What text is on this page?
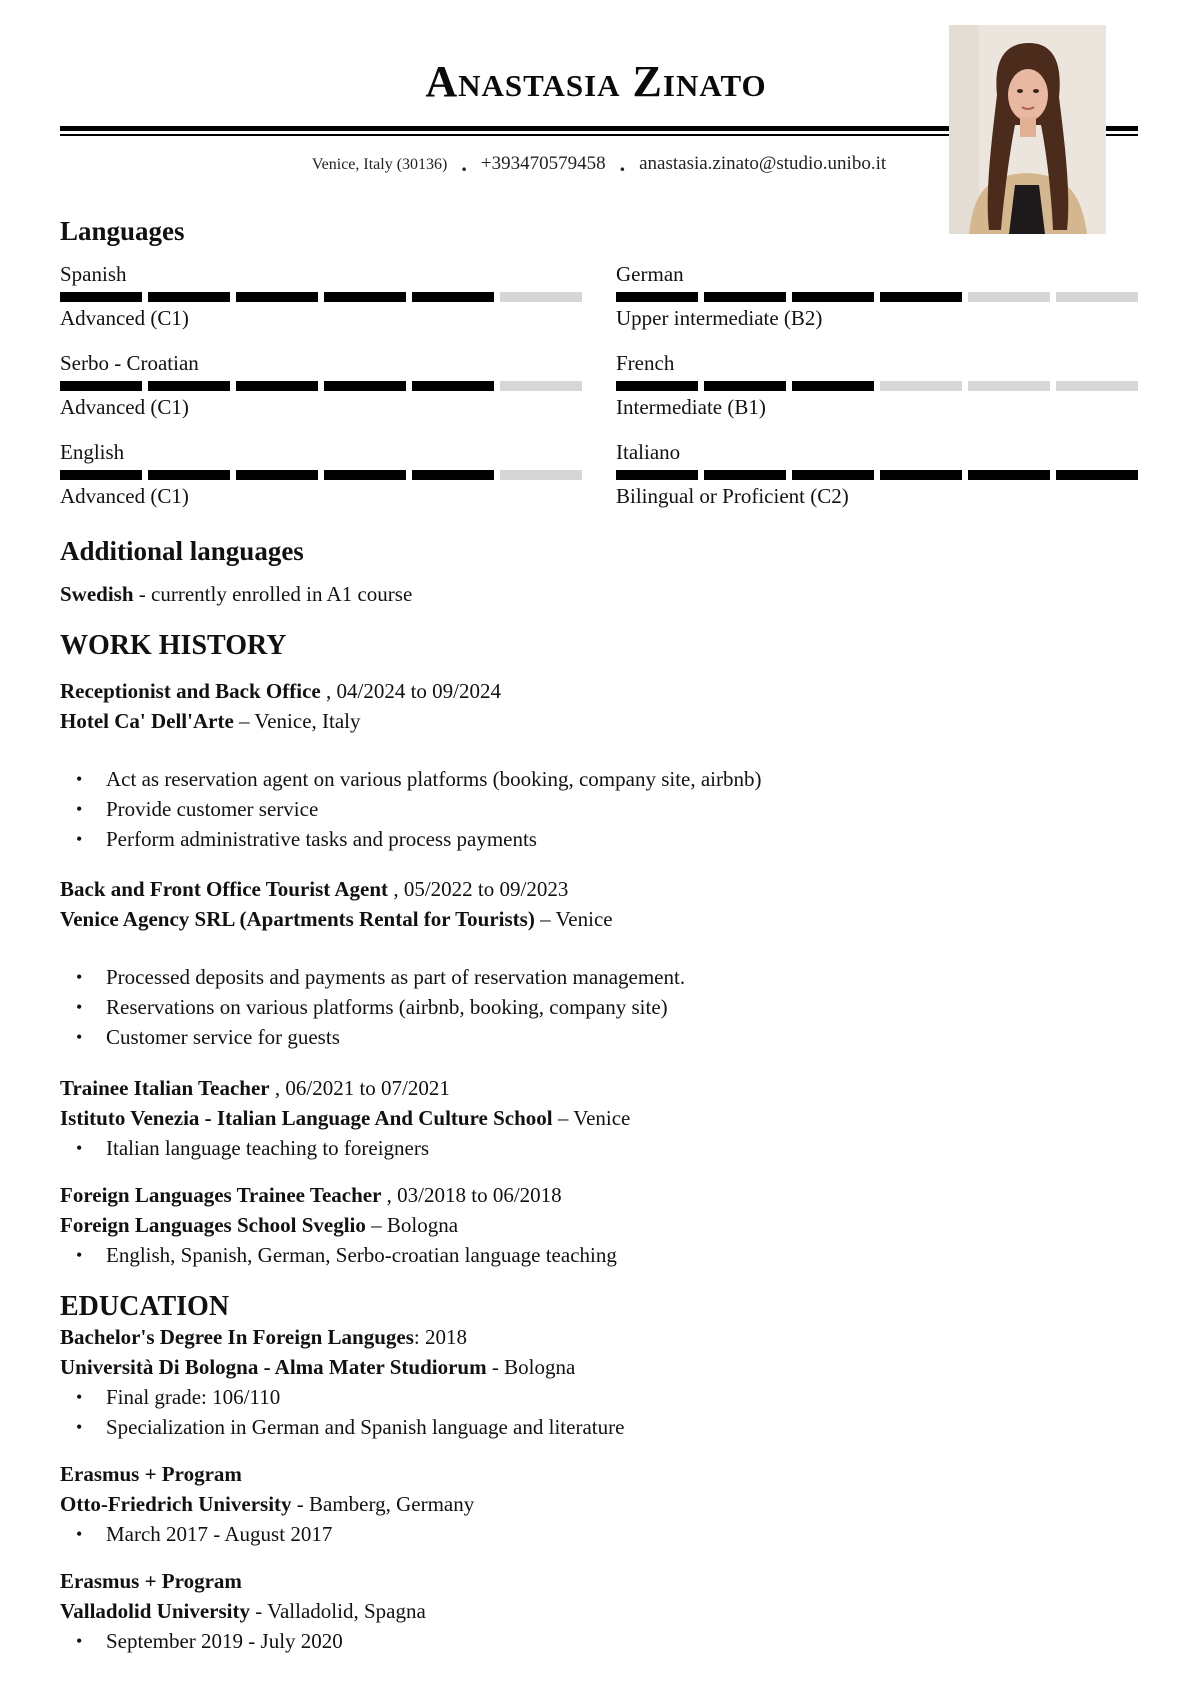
Anastasia Zinato
Venice, Italy (30136) . +393470579458 . anastasia.zinato@studio.unibo.it
Languages
Spanish
Advanced (C1)
German
Upper intermediate (B2)
Serbo - Croatian
Advanced (C1)
French
Intermediate (B1)
English
Advanced (C1)
Italiano
Bilingual or Proficient (C2)
Additional languages
Swedish - currently enrolled in A1 course
WORK HISTORY
Receptionist and Back Office , 04/2024 to 09/2024
Hotel Ca' Dell'Arte – Venice, Italy
• Act as reservation agent on various platforms (booking, company site, airbnb)
• Provide customer service
• Perform administrative tasks and process payments
Back and Front Office Tourist Agent , 05/2022 to 09/2023
Venice Agency SRL (Apartments Rental for Tourists) – Venice
• Processed deposits and payments as part of reservation management.
• Reservations on various platforms (airbnb, booking, company site)
• Customer service for guests
Trainee Italian Teacher , 06/2021 to 07/2021
Istituto Venezia - Italian Language And Culture School – Venice
• Italian language teaching to foreigners
Foreign Languages Trainee Teacher , 03/2018 to 06/2018
Foreign Languages School Sveglio – Bologna
• English, Spanish, German, Serbo-croatian language teaching
EDUCATION
Bachelor's Degree In Foreign Languges: 2018
Università Di Bologna - Alma Mater Studiorum - Bologna
• Final grade: 106/110
• Specialization in German and Spanish language and literature
Erasmus + Program
Otto-Friedrich University - Bamberg, Germany
• March 2017 - August 2017
Erasmus + Program
Valladolid University - Valladolid, Spagna
• September 2019 - July 2020
